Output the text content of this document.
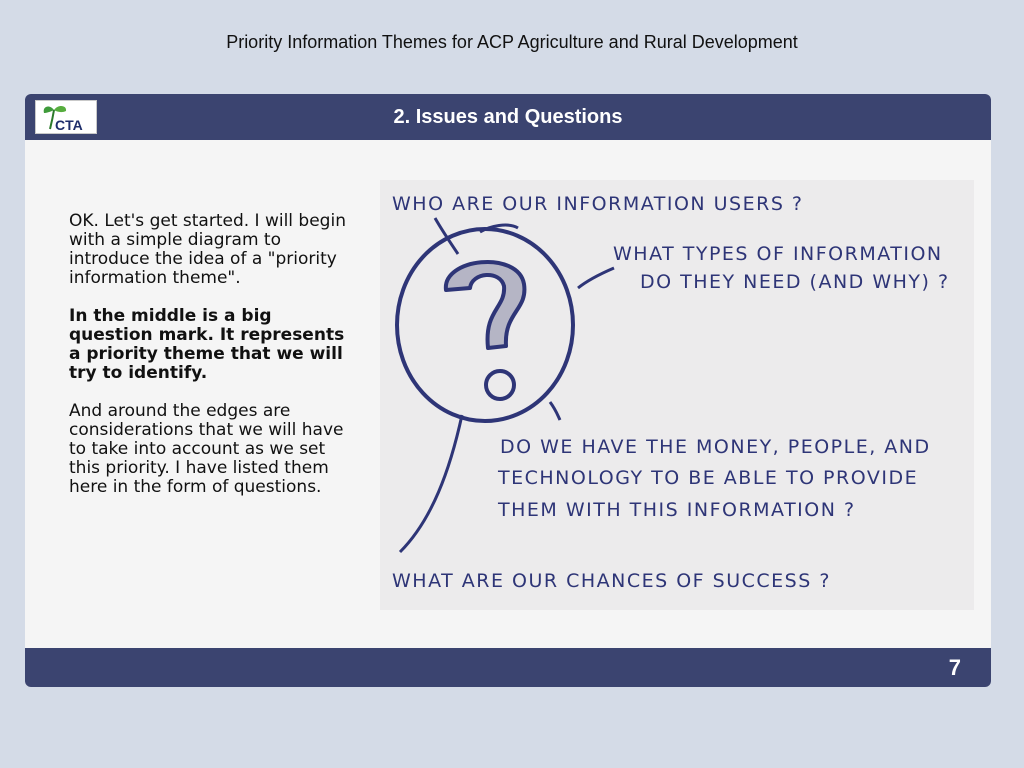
Priority Information Themes for ACP Agriculture and Rural Development
CTA	2. Issues and Questions

OK. Let's get started. I will begin with a simple diagram to introduce the idea of a "priority information theme".

In the middle is a big question mark. It represents a priority theme that we will try to identify.

And around the edges are considerations that we will have to take into account as we set this priority. I have listed them here in the form of questions.

WHO ARE OUR INFORMATION USERS ?
WHAT TYPES OF INFORMATION
DO THEY NEED (AND WHY) ?
DO WE HAVE THE MONEY, PEOPLE, AND
TECHNOLOGY TO BE ABLE TO PROVIDE
THEM WITH THIS INFORMATION ?
WHAT ARE OUR CHANCES OF SUCCESS ?
7
